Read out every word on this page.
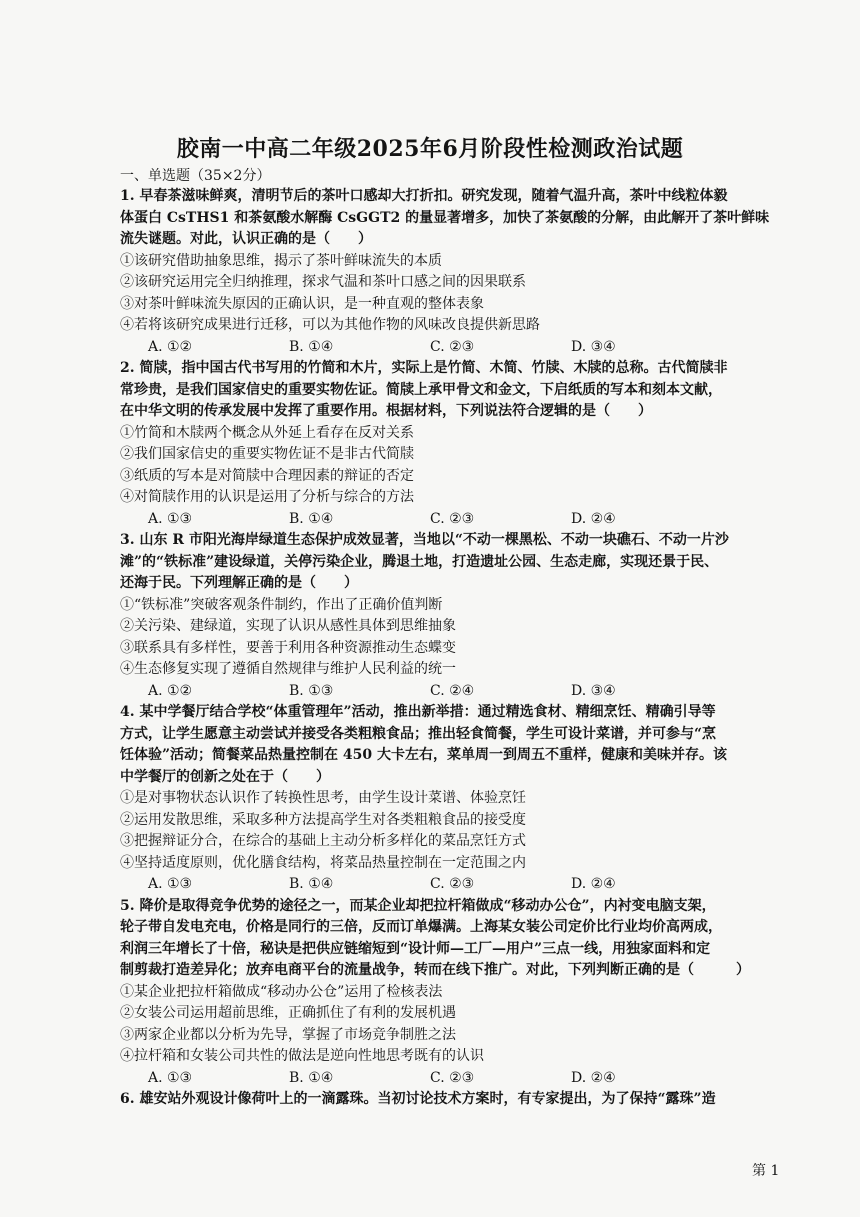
胶南一中高二年级2025年6月阶段性检测政治试题
一、单选题（35×2分）
1. 早春茶滋味鲜爽，清明节后的茶叶口感却大打折扣。研究发现，随着气温升高，茶叶中线粒体毅
体蛋白 CsTHS1 和茶氨酸水解酶 CsGGT2 的量显著增多，加快了茶氨酸的分解，由此解开了茶叶鲜味
流失谜题。对此，认识正确的是（　　）
①该研究借助抽象思维，揭示了茶叶鲜味流失的本质
②该研究运用完全归纳推理，探求气温和茶叶口感之间的因果联系
③对茶叶鲜味流失原因的正确认识，是一种直观的整体表象
④若将该研究成果进行迁移，可以为其他作物的风味改良提供新思路
A. ①②	B. ①④	C. ②③	D. ③④
2. 简牍，指中国古代书写用的竹简和木片，实际上是竹简、木简、竹牍、木牍的总称。古代简牍非
常珍贵，是我们国家信史的重要实物佐证。简牍上承甲骨文和金文，下启纸质的写本和刻本文献，
在中华文明的传承发展中发挥了重要作用。根据材料，下列说法符合逻辑的是（　　）
①竹简和木牍两个概念从外延上看存在反对关系
②我们国家信史的重要实物佐证不是非古代简牍
③纸质的写本是对简牍中合理因素的辩证的否定
④对简牍作用的认识是运用了分析与综合的方法
A. ①③	B. ①④	C. ②③	D. ②④
3. 山东 R 市阳光海岸绿道生态保护成效显著，当地以“不动一棵黑松、不动一块礁石、不动一片沙
滩”的“铁标准”建设绿道，关停污染企业，腾退土地，打造遗址公园、生态走廊，实现还景于民、
还海于民。下列理解正确的是（　　）
①“铁标准”突破客观条件制约，作出了正确价值判断
②关污染、建绿道，实现了认识从感性具体到思维抽象
③联系具有多样性，要善于利用各种资源推动生态蝶变
④生态修复实现了遵循自然规律与维护人民利益的统一
A. ①②	B. ①③	C. ②④	D. ③④
4. 某中学餐厅结合学校“体重管理年”活动，推出新举措：通过精选食材、精细烹饪、精确引导等
方式，让学生愿意主动尝试并接受各类粗粮食品；推出轻食简餐，学生可设计菜谱，并可参与“烹
饪体验”活动；简餐菜品热量控制在 450 大卡左右，菜单周一到周五不重样，健康和美味并存。该
中学餐厅的创新之处在于（　　）
①是对事物状态认识作了转换性思考，由学生设计菜谱、体验烹饪
②运用发散思维，采取多种方法提高学生对各类粗粮食品的接受度
③把握辩证分合，在综合的基础上主动分析多样化的菜品烹饪方式
④坚持适度原则，优化膳食结构，将菜品热量控制在一定范围之内
A. ①③	B. ①④	C. ②③	D. ②④
5. 降价是取得竞争优势的途径之一，而某企业却把拉杆箱做成“移动办公仓”，内衬变电脑支架，
轮子带自发电充电，价格是同行的三倍，反而订单爆满。上海某女装公司定价比行业均价高两成，
利润三年增长了十倍，秘诀是把供应链缩短到“设计师—工厂—用户”三点一线，用独家面料和定
制剪裁打造差异化；放弃电商平台的流量战争，转而在线下推广。对此，下列判断正确的是（　　　）
①某企业把拉杆箱做成“移动办公仓”运用了检核表法
②女装公司运用超前思维，正确抓住了有利的发展机遇
③两家企业都以分析为先导，掌握了市场竞争制胜之法
④拉杆箱和女装公司共性的做法是逆向性地思考既有的认识
A. ①③	B. ①④	C. ②③	D. ②④
6. 雄安站外观设计像荷叶上的一滴露珠。当初讨论技术方案时，有专家提出，为了保持“露珠”造
第 1
